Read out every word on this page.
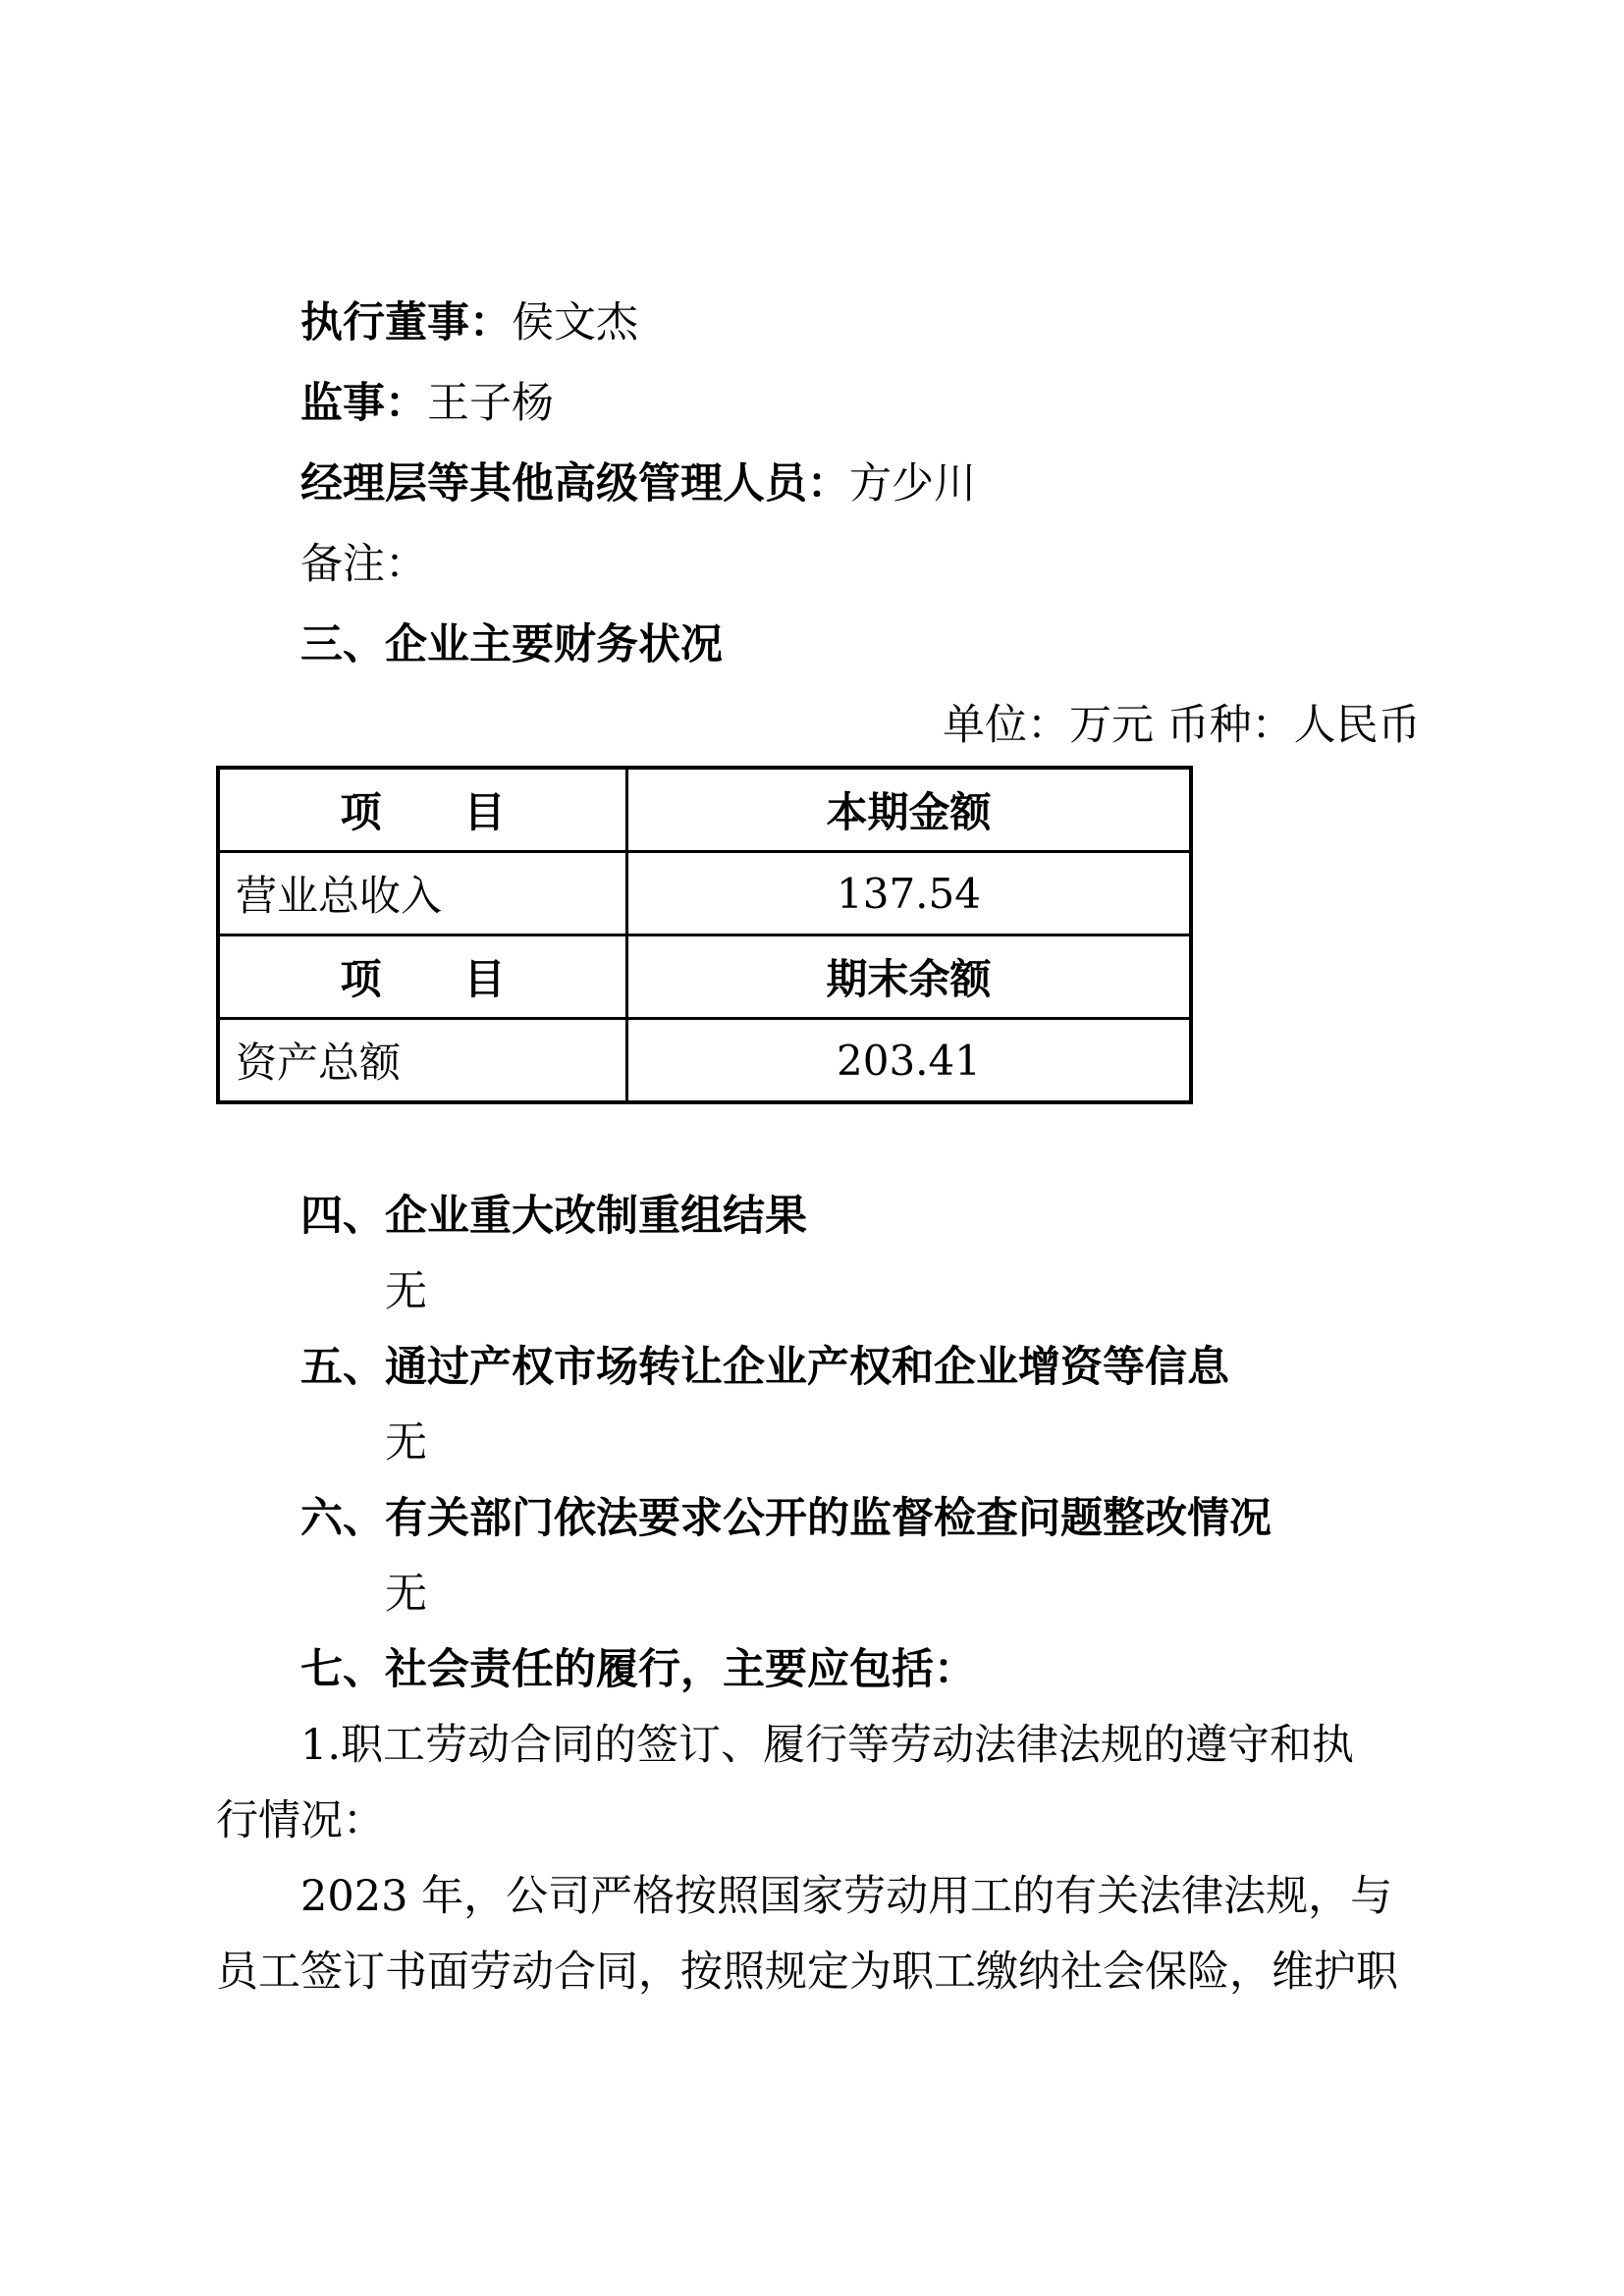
执行董事：侯文杰
监事：王子杨
经理层等其他高级管理人员：方少川
备注：
三、企业主要财务状况
单位：万元 币种：人民币
项　　目	本期金额
营业总收入	137.54
项　　目	期末余额
资产总额	203.41
四、企业重大改制重组结果
无
五、通过产权市场转让企业产权和企业增资等信息
无
六、有关部门依法要求公开的监督检查问题整改情况
无
七、社会责任的履行，主要应包括：
1.职工劳动合同的签订、履行等劳动法律法规的遵守和执
行情况：
2023 年，公司严格按照国家劳动用工的有关法律法规，与
员工签订书面劳动合同，按照规定为职工缴纳社会保险，维护职
